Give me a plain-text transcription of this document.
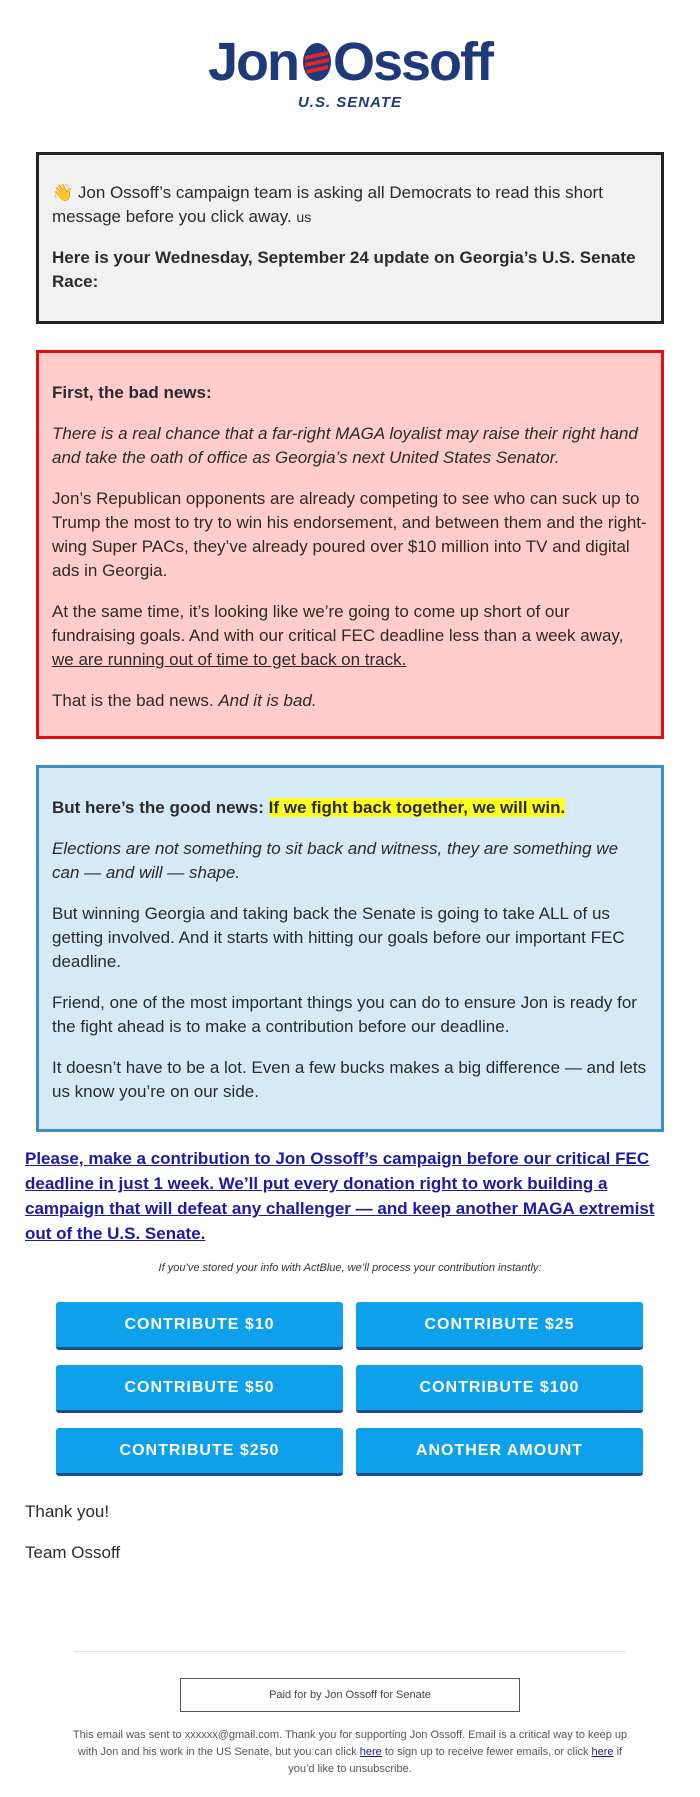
Jon Ossoff
U.S. SENATE

👋 Jon Ossoff’s campaign team is asking all Democrats to read this short message before you click away. us

Here is your Wednesday, September 24 update on Georgia’s U.S. Senate Race:

First, the bad news:

There is a real chance that a far-right MAGA loyalist may raise their right hand and take the oath of office as Georgia’s next United States Senator.

Jon’s Republican opponents are already competing to see who can suck up to Trump the most to try to win his endorsement, and between them and the right-wing Super PACs, they’ve already poured over $10 million into TV and digital ads in Georgia.

At the same time, it’s looking like we’re going to come up short of our fundraising goals. And with our critical FEC deadline less than a week away, we are running out of time to get back on track.

That is the bad news. And it is bad.

But here’s the good news: If we fight back together, we will win.

Elections are not something to sit back and witness, they are something we can — and will — shape.

But winning Georgia and taking back the Senate is going to take ALL of us getting involved. And it starts with hitting our goals before our important FEC deadline.

Friend, one of the most important things you can do to ensure Jon is ready for the fight ahead is to make a contribution before our deadline.

It doesn’t have to be a lot. Even a few bucks makes a big difference — and lets us know you’re on our side.

Please, make a contribution to Jon Ossoff’s campaign before our critical FEC deadline in just 1 week. We’ll put every donation right to work building a campaign that will defeat any challenger — and keep another MAGA extremist out of the U.S. Senate.
If you’ve stored your info with ActBlue, we’ll process your contribution instantly:
CONTRIBUTE $10	CONTRIBUTE $25
CONTRIBUTE $50	CONTRIBUTE $100
CONTRIBUTE $250	ANOTHER AMOUNT
Thank you!
Team Ossoff
Paid for by Jon Ossoff for Senate
This email was sent to xxxxxx@gmail.com. Thank you for supporting Jon Ossoff. Email is a critical way to keep up with Jon and his work in the US Senate, but you can click here to sign up to receive fewer emails, or click here if you’d like to unsubscribe.
